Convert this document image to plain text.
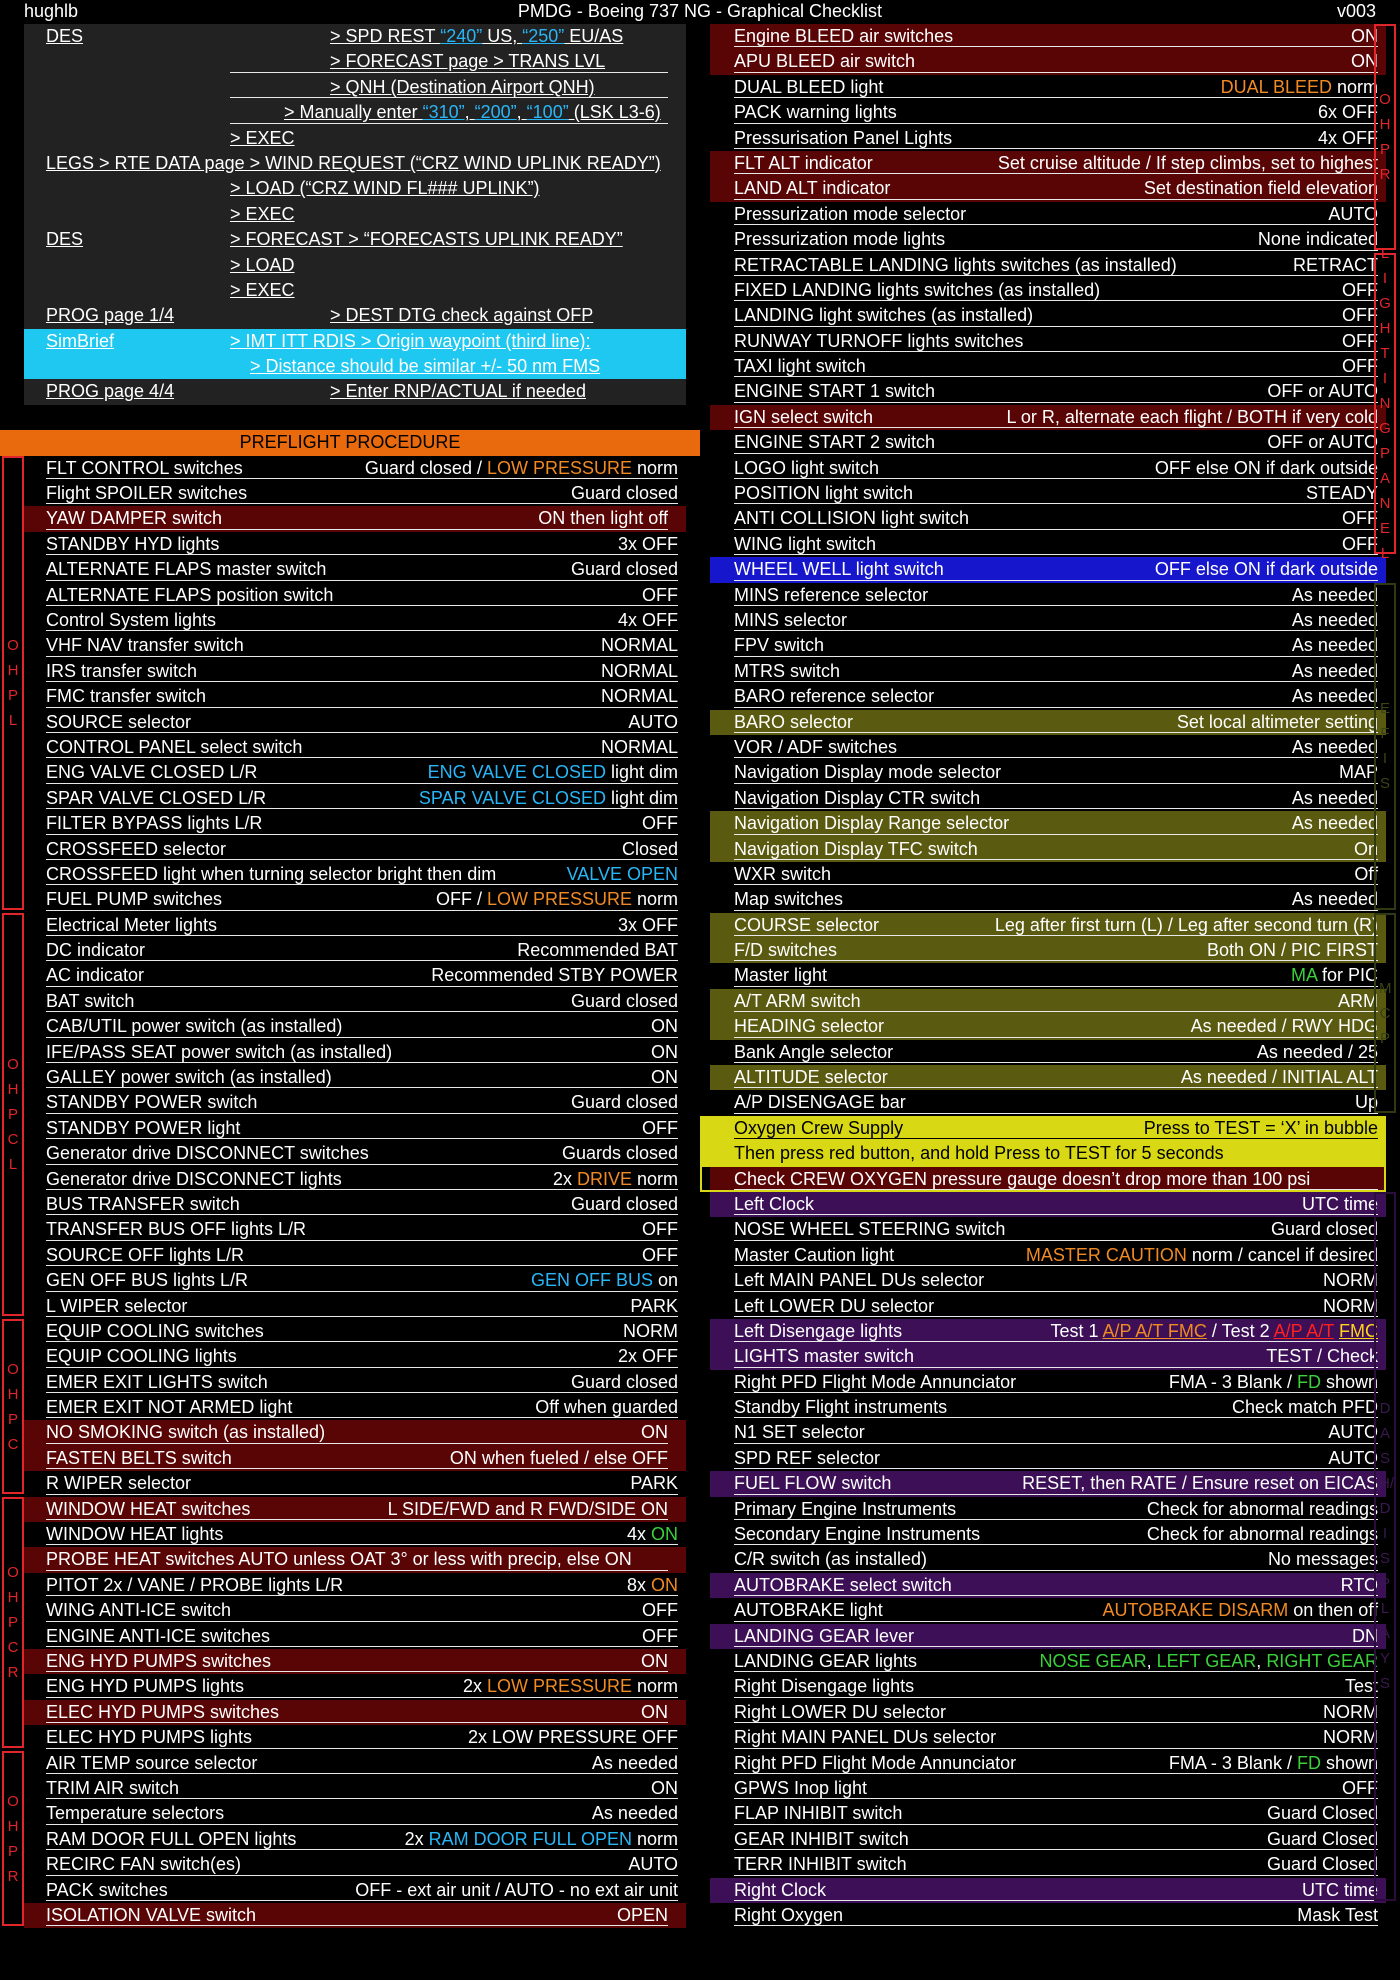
hughlb	PMDG - Boeing 737 NG - Graphical Checklist	v003
DES	> SPD REST “240” US, “250” EU/AS
> FORECAST page > TRANS LVL
> QNH (Destination Airport QNH)
> Manually enter “310”, “200”, “100” (LSK L3-6)
> EXEC
LEGS > RTE DATA page > WIND REQUEST (“CRZ WIND UPLINK READY”)
> LOAD (“CRZ WIND FL### UPLINK”)
> EXEC
DES	> FORECAST > “FORECASTS UPLINK READY”
> LOAD
> EXEC
PROG page 1/4	> DEST DTG check against OFP
SimBrief	> IMT ITT RDIS > Origin waypoint (third line):
> Distance should be similar +/- 50 nm FMS
PROG page 4/4	> Enter RNP/ACTUAL if needed
PREFLIGHT PROCEDURE
FLT CONTROL switches	Guard closed / LOW PRESSURE norm
Flight SPOILER switches	Guard closed
YAW DAMPER switch	ON then light off
STANDBY HYD lights	3x OFF
ALTERNATE FLAPS master switch	Guard closed
ALTERNATE FLAPS position switch	OFF
Control System lights	4x OFF
VHF NAV transfer switch	NORMAL
IRS transfer switch	NORMAL
FMC transfer switch	NORMAL
SOURCE selector	AUTO
CONTROL PANEL select switch	NORMAL
ENG VALVE CLOSED L/R	ENG VALVE CLOSED light dim
SPAR VALVE CLOSED L/R	SPAR VALVE CLOSED light dim
FILTER BYPASS lights L/R	OFF
CROSSFEED selector	Closed
CROSSFEED light when turning selector bright then dim	VALVE OPEN
FUEL PUMP switches	OFF / LOW PRESSURE norm
Electrical Meter lights	3x OFF
DC indicator	Recommended BAT
AC indicator	Recommended STBY POWER
BAT switch	Guard closed
CAB/UTIL power switch (as installed)	ON
IFE/PASS SEAT power switch (as installed)	ON
GALLEY power switch (as installed)	ON
STANDBY POWER switch	Guard closed
STANDBY POWER light	OFF
Generator drive DISCONNECT switches	Guards closed
Generator drive DISCONNECT lights	2x DRIVE norm
BUS TRANSFER switch	Guard closed
TRANSFER BUS OFF lights L/R	OFF
SOURCE OFF lights L/R	OFF
GEN OFF BUS lights L/R	GEN OFF BUS on
L WIPER selector	PARK
EQUIP COOLING switches	NORM
EQUIP COOLING lights	2x OFF
EMER EXIT LIGHTS switch	Guard closed
EMER EXIT NOT ARMED light	Off when guarded
NO SMOKING switch (as installed)	ON
FASTEN BELTS switch	ON when fueled / else OFF
R WIPER selector	PARK
WINDOW HEAT switches	L SIDE/FWD and R FWD/SIDE ON
WINDOW HEAT lights	4x ON
PROBE HEAT switches AUTO unless OAT 3° or less with precip, else ON
PITOT 2x / VANE / PROBE lights L/R	8x ON
WING ANTI-ICE switch	OFF
ENGINE ANTI-ICE switches	OFF
ENG HYD PUMPS switches	ON
ENG HYD PUMPS lights	2x LOW PRESSURE norm
ELEC HYD PUMPS switches	ON
ELEC HYD PUMPS lights	2x LOW PRESSURE OFF
AIR TEMP source selector	As needed
TRIM AIR switch	ON
Temperature selectors	As needed
RAM DOOR FULL OPEN lights	2x RAM DOOR FULL OPEN norm
RECIRC FAN switch(es)	AUTO
PACK switches	OFF - ext air unit / AUTO - no ext air unit
ISOLATION VALVE switch	OPEN
Engine BLEED air switches	ON
APU BLEED air switch	ON
DUAL BLEED light	DUAL BLEED norm
PACK warning lights	6x OFF
Pressurisation Panel Lights	4x OFF
FLT ALT indicator	Set cruise altitude / If step climbs, set to highest
LAND ALT indicator	Set destination field elevation
Pressurization mode selector	AUTO
Pressurization mode lights	None indicated
RETRACTABLE LANDING lights switches (as installed)	RETRACT
FIXED LANDING lights switches (as installed)	OFF
LANDING light switches (as installed)	OFF
RUNWAY TURNOFF lights switches	OFF
TAXI light switch	OFF
ENGINE START 1 switch	OFF or AUTO
IGN select switch	L or R, alternate each flight / BOTH if very cold
ENGINE START 2 switch	OFF or AUTO
LOGO light switch	OFF else ON if dark outside
POSITION light switch	STEADY
ANTI COLLISION light switch	OFF
WING light switch	OFF
WHEEL WELL light switch	OFF else ON if dark outside
MINS reference selector	As needed
MINS selector	As needed
FPV switch	As needed
MTRS switch	As needed
BARO reference selector	As needed
BARO selector	Set local altimeter setting
VOR / ADF switches	As needed
Navigation Display mode selector	MAP
Navigation Display CTR switch	As needed
Navigation Display Range selector	As needed
Navigation Display TFC switch	On
WXR switch	Off
Map switches	As needed
COURSE selector	Leg after first turn (L) / Leg after second turn (R)
F/D switches	Both ON / PIC FIRST
Master light	MA for PIC
A/T ARM switch	ARM
HEADING selector	As needed / RWY HDG
Bank Angle selector	As needed / 25
ALTITUDE selector	As needed / INITIAL ALT
A/P DISENGAGE bar	Up
Oxygen Crew Supply	Press to TEST = ‘X’ in bubble
Then press red button, and hold Press to TEST for 5 seconds
Check CREW OXYGEN pressure gauge doesn’t drop more than 100 psi
Left Clock	UTC time
NOSE WHEEL STEERING switch	Guard closed
Master Caution light	MASTER CAUTION norm / cancel if desired
Left MAIN PANEL DUs selector	NORM
Left LOWER DU selector	NORM
Left Disengage lights	Test 1 A/P A/T FMC / Test 2 A/P A/T FMC
LIGHTS master switch	TEST / Check
Right PFD Flight Mode Annunciator	FMA - 3 Blank / FD shown
Standby Flight instruments	Check match PFD
N1 SET selector	AUTO
SPD REF selector	AUTO
FUEL FLOW switch	RESET, then RATE / Ensure reset on EICAS
Primary Engine Instruments	Check for abnormal readings
Secondary Engine Instruments	Check for abnormal readings
C/R switch (as installed)	No messages
AUTOBRAKE select switch	RTO
AUTOBRAKE light	AUTOBRAKE DISARM on then off
LANDING GEAR lever	DN
LANDING GEAR lights	NOSE GEAR, LEFT GEAR, RIGHT GEAR
Right Disengage lights	Test
Right LOWER DU selector	NORM
Right MAIN PANEL DUs selector	NORM
Right PFD Flight Mode Annunciator	FMA - 3 Blank / FD shown
GPWS Inop light	OFF
FLAP INHIBIT switch	Guard Closed
GEAR INHIBIT switch	Guard Closed
TERR INHIBIT switch	Guard Closed
Right Clock	UTC time
Right Oxygen	Mask Test
OHPL
OHPCL
OHPC
OHPCR
OHPR
OHPR
LIGHTINGPANEL
EFIS
MCP
DASH/DISPLAYS
